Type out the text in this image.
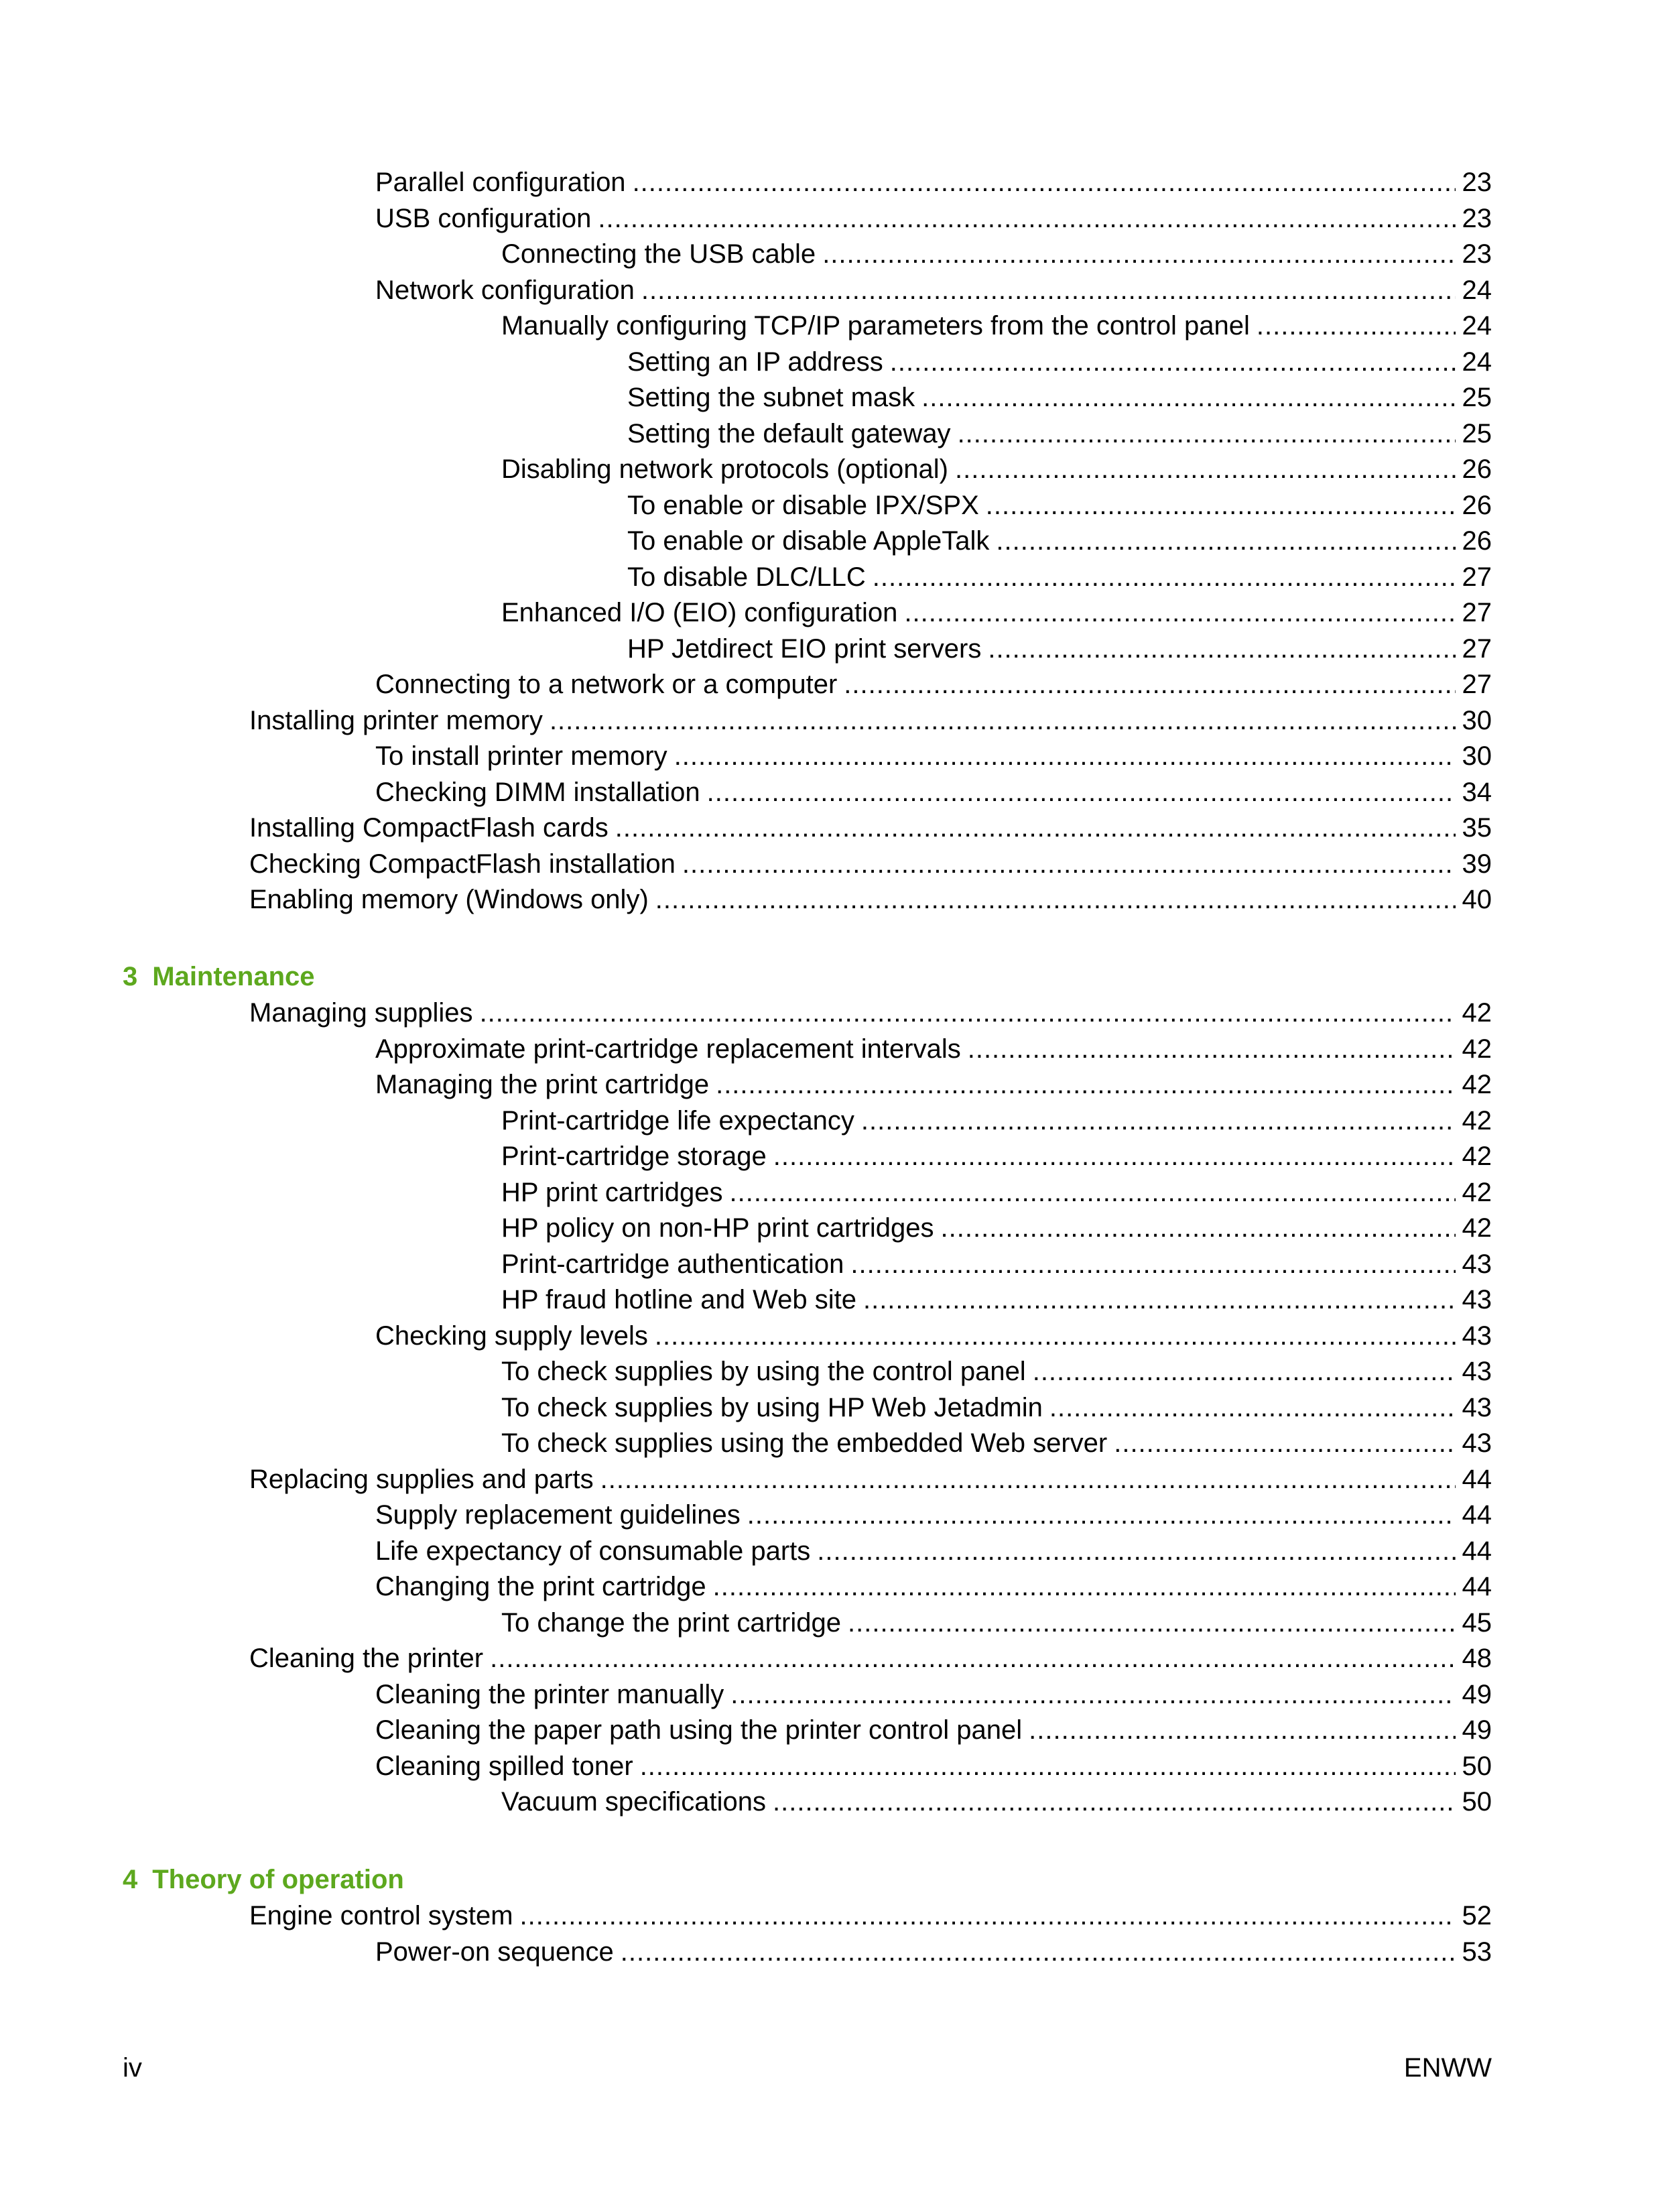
Parallel configuration .....	23
USB configuration .....	23
Connecting the USB cable .....	23
Network configuration .....	24
Manually configuring TCP/IP parameters from the control panel .....	24
Setting an IP address .....	24
Setting the subnet mask .....	25
Setting the default gateway .....	25
Disabling network protocols (optional) .....	26
To enable or disable IPX/SPX .....	26
To enable or disable AppleTalk .....	26
To disable DLC/LLC .....	27
Enhanced I/O (EIO) configuration .....	27
HP Jetdirect EIO print servers .....	27
Connecting to a network or a computer .....	27
Installing printer memory .....	30
To install printer memory .....	30
Checking DIMM installation .....	34
Installing CompactFlash cards .....	35
Checking CompactFlash installation .....	39
Enabling memory (Windows only) .....	40
3 Maintenance
Managing supplies .....	42
Approximate print-cartridge replacement intervals .....	42
Managing the print cartridge .....	42
Print-cartridge life expectancy .....	42
Print-cartridge storage .....	42
HP print cartridges .....	42
HP policy on non-HP print cartridges .....	42
Print-cartridge authentication .....	43
HP fraud hotline and Web site .....	43
Checking supply levels .....	43
To check supplies by using the control panel .....	43
To check supplies by using HP Web Jetadmin .....	43
To check supplies using the embedded Web server .....	43
Replacing supplies and parts .....	44
Supply replacement guidelines .....	44
Life expectancy of consumable parts .....	44
Changing the print cartridge .....	44
To change the print cartridge .....	45
Cleaning the printer .....	48
Cleaning the printer manually .....	49
Cleaning the paper path using the printer control panel .....	49
Cleaning spilled toner .....	50
Vacuum specifications .....	50
4 Theory of operation
Engine control system .....	52
Power-on sequence .....	53
iv	ENWW
